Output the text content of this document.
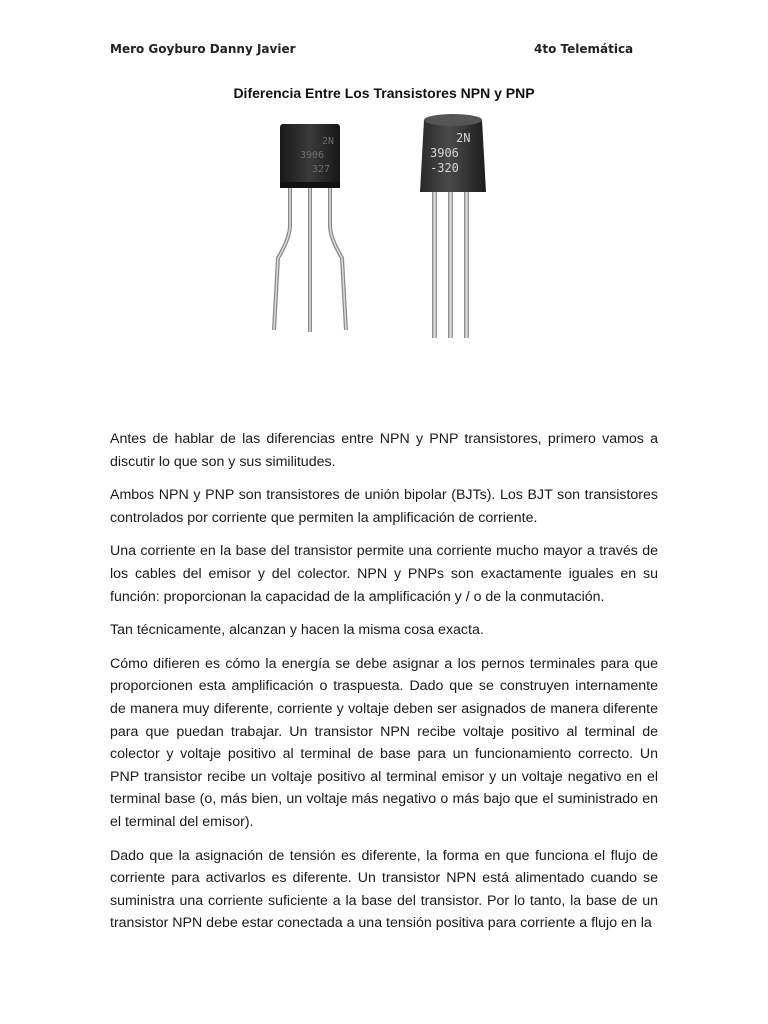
Mero Goyburo Danny Javier	4to Telemática
Diferencia Entre Los Transistores NPN y PNP
2N
3906
327
2N
3906
-320

Antes de hablar de las diferencias entre NPN y PNP transistores, primero vamos a discutir lo que son y sus similitudes.

Ambos NPN y PNP son transistores de unión bipolar (BJTs). Los BJT son transistores controlados por corriente que permiten la amplificación de corriente.

Una corriente en la base del transistor permite una corriente mucho mayor a través de los cables del emisor y del colector. NPN y PNPs son exactamente iguales en su función: proporcionan la capacidad de la amplificación y / o de la conmutación.

Tan técnicamente, alcanzan y hacen la misma cosa exacta.

Cómo difieren es cómo la energía se debe asignar a los pernos terminales para que proporcionen esta amplificación o traspuesta. Dado que se construyen internamente de manera muy diferente, corriente y voltaje deben ser asignados de manera diferente para que puedan trabajar. Un transistor NPN recibe voltaje positivo al terminal de colector y voltaje positivo al terminal de base para un funcionamiento correcto. Un PNP transistor recibe un voltaje positivo al terminal emisor y un voltaje negativo en el terminal base (o, más bien, un voltaje más negativo o más bajo que el suministrado en el terminal del emisor).

Dado que la asignación de tensión es diferente, la forma en que funciona el flujo de corriente para activarlos es diferente. Un transistor NPN está alimentado cuando se suministra una corriente suficiente a la base del transistor. Por lo tanto, la base de un transistor NPN debe estar conectada a una tensión positiva para corriente a flujo en la
